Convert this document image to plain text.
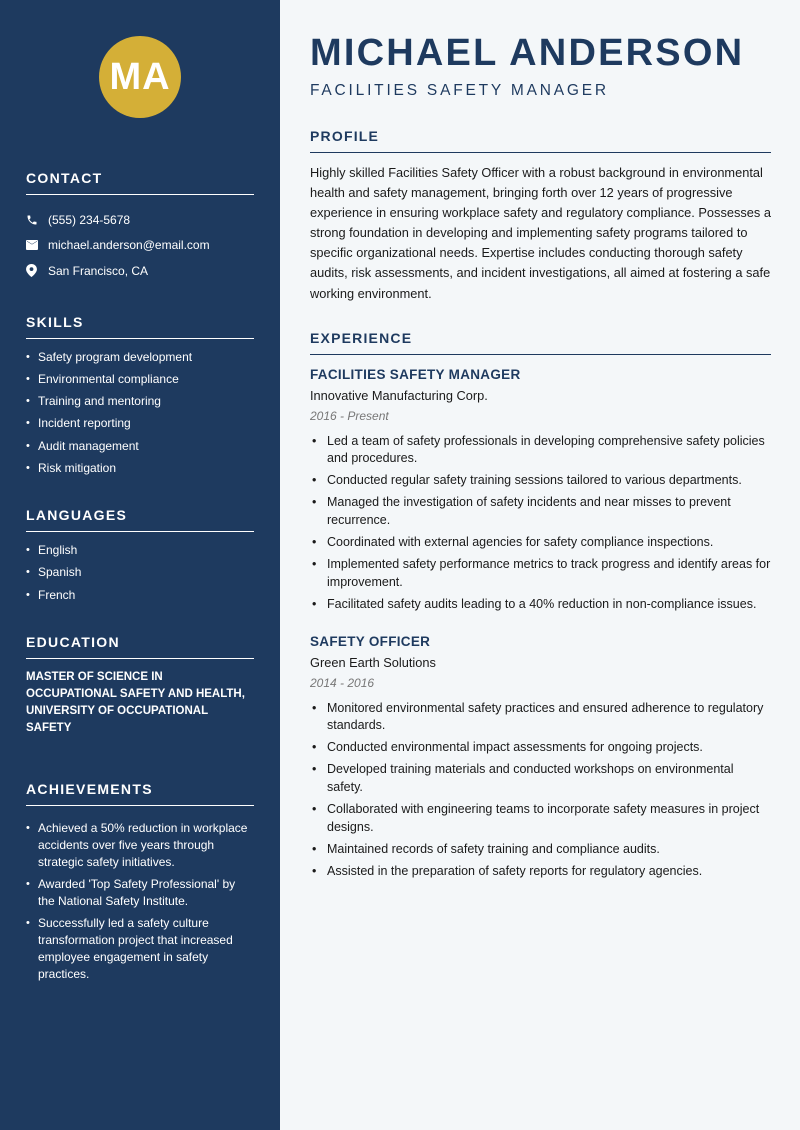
MA
CONTACT
(555) 234-5678
michael.anderson@email.com
San Francisco, CA
SKILLS
• Safety program development
• Environmental compliance
• Training and mentoring
• Incident reporting
• Audit management
• Risk mitigation
LANGUAGES
• English
• Spanish
• French
EDUCATION

MASTER OF SCIENCE IN OCCUPATIONAL SAFETY AND HEALTH, UNIVERSITY OF OCCUPATIONAL SAFETY

ACHIEVEMENTS
• Achieved a 50% reduction in workplace accidents over five years through strategic safety initiatives.
• Awarded 'Top Safety Professional' by the National Safety Institute.
• Successfully led a safety culture transformation project that increased employee engagement in safety practices.
MICHAEL ANDERSON
FACILITIES SAFETY MANAGER
PROFILE

Highly skilled Facilities Safety Officer with a robust background in environmental health and safety management, bringing forth over 12 years of progressive experience in ensuring workplace safety and regulatory compliance. Possesses a strong foundation in developing and implementing safety programs tailored to specific organizational needs. Expertise includes conducting thorough safety audits, risk assessments, and incident investigations, all aimed at fostering a safe working environment.

EXPERIENCE
FACILITIES SAFETY MANAGER
Innovative Manufacturing Corp.
2016 - Present
• Led a team of safety professionals in developing comprehensive safety policies and procedures.
• Conducted regular safety training sessions tailored to various departments.
• Managed the investigation of safety incidents and near misses to prevent recurrence.
• Coordinated with external agencies for safety compliance inspections.
• Implemented safety performance metrics to track progress and identify areas for improvement.
• Facilitated safety audits leading to a 40% reduction in non-compliance issues.
SAFETY OFFICER
Green Earth Solutions
2014 - 2016
• Monitored environmental safety practices and ensured adherence to regulatory standards.
• Conducted environmental impact assessments for ongoing projects.
• Developed training materials and conducted workshops on environmental safety.
• Collaborated with engineering teams to incorporate safety measures in project designs.
• Maintained records of safety training and compliance audits.
• Assisted in the preparation of safety reports for regulatory agencies.
